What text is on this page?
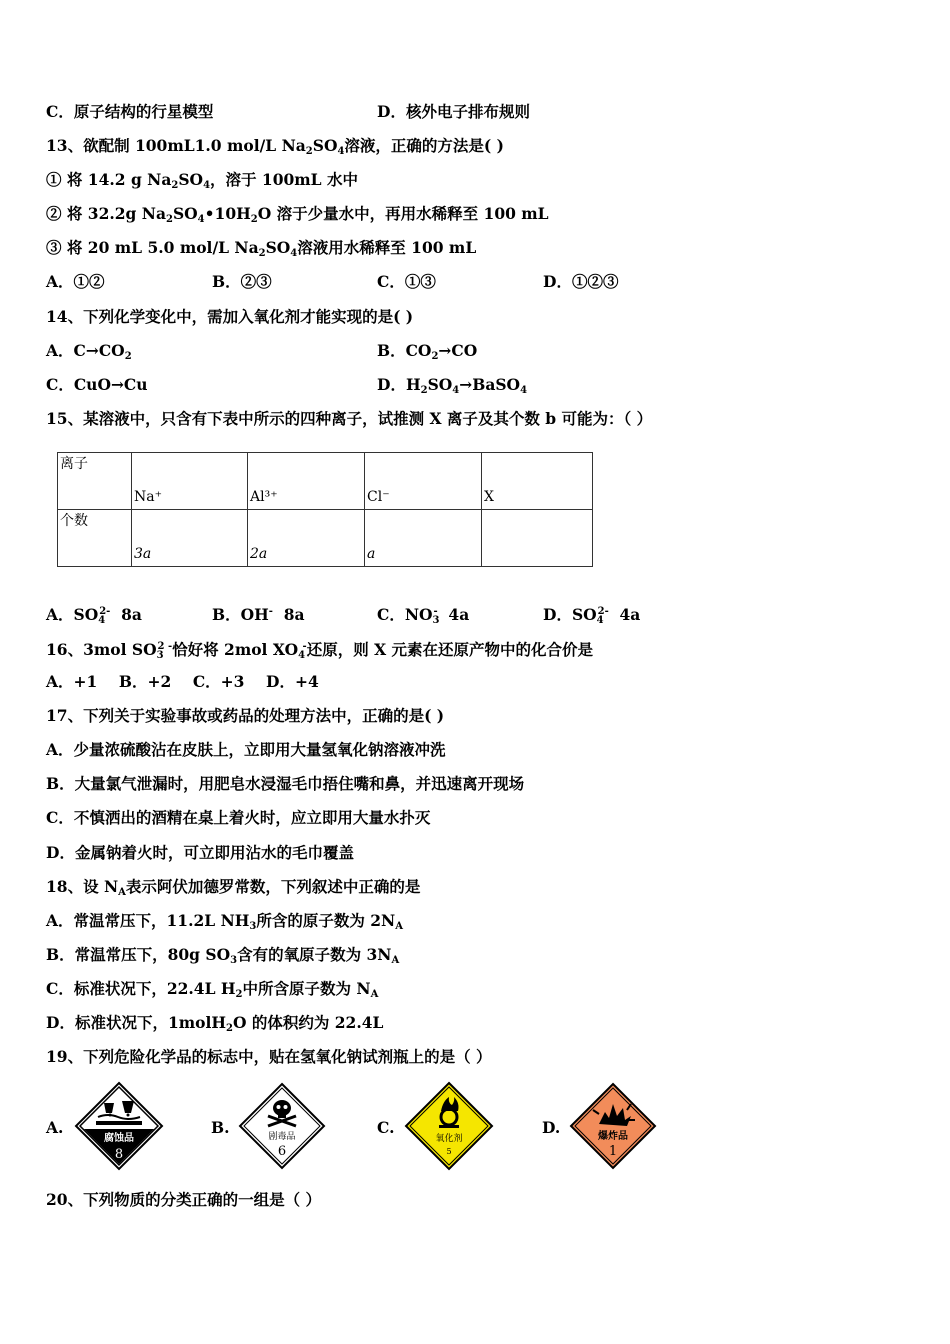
C．原子结构的行星模型	D．核外电子排布规则
13、欲配制 100mL1.0 mol/L $Na_2SO_4$溶液，正确的方法是( )
① 将 14.2 g $Na_2SO_4$，溶于 100mL 水中
② 将 32.2g $Na_2SO_4•10H_2O$ 溶于少量水中，再用水稀释至 100 mL
③ 将 20 mL 5.0 mol/L $Na_2SO_4$溶液用水稀释至 100 mL
A．①②	B．②③	C．①③	D．①②③
14、下列化学变化中，需加入氧化剂才能实现的是( )
A．$C\to CO_2$	B．$CO_2\to CO$
C．CuO→Cu	D．$H_2SO_4\to BaSO_4$
15、某溶液中，只含有下表中所示的四种离子，试推测 X 离子及其个数 b 可能为：（ ）
离子	Na⁺	Al³⁺	Cl⁻	X

个数	3a	2a	a	

A．$SO_4^{2-}$  8a	B．OH-  8a	C．$NO_3^-$  4a	D．$SO_4^{2-}$  4a
16、3mol $SO_3^{2 -}$恰好将 2mol $XO_4$ -还原，则 X 元素在还原产物中的化合价是
A．+1    B．+2    C．+3    D．+4
17、下列关于实验事故或药品的处理方法中，正确的是( )
A．少量浓硫酸沾在皮肤上，立即用大量氢氧化钠溶液冲洗
B．大量氯气泄漏时，用肥皂水浸湿毛巾捂住嘴和鼻，并迅速离开现场
C．不慎洒出的酒精在桌上着火时，应立即用大量水扑灭
D．金属钠着火时，可立即用沾水的毛巾覆盖
18、设 $N_A$表示阿伏加德罗常数，下列叙述中正确的是
A．常温常压下，11.2L $NH_3$所含的原子数为 $2N_A$
B．常温常压下，80g $SO_3$含有的氧原子数为 $3N_A$
C．标准状况下，22.4L $H_2$中所含原子数为 $N_A$
D．标准状况下，1molH$_2$O 的体积约为 22.4L
19、下列危险化学品的标志中，贴在氢氧化钠试剂瓶上的是（ ）
A.
腐蚀品
8
B.	剧毒品
6
C.
氧化剂
5
D.	爆炸品
1
20、下列物质的分类正确的一组是（ ）
